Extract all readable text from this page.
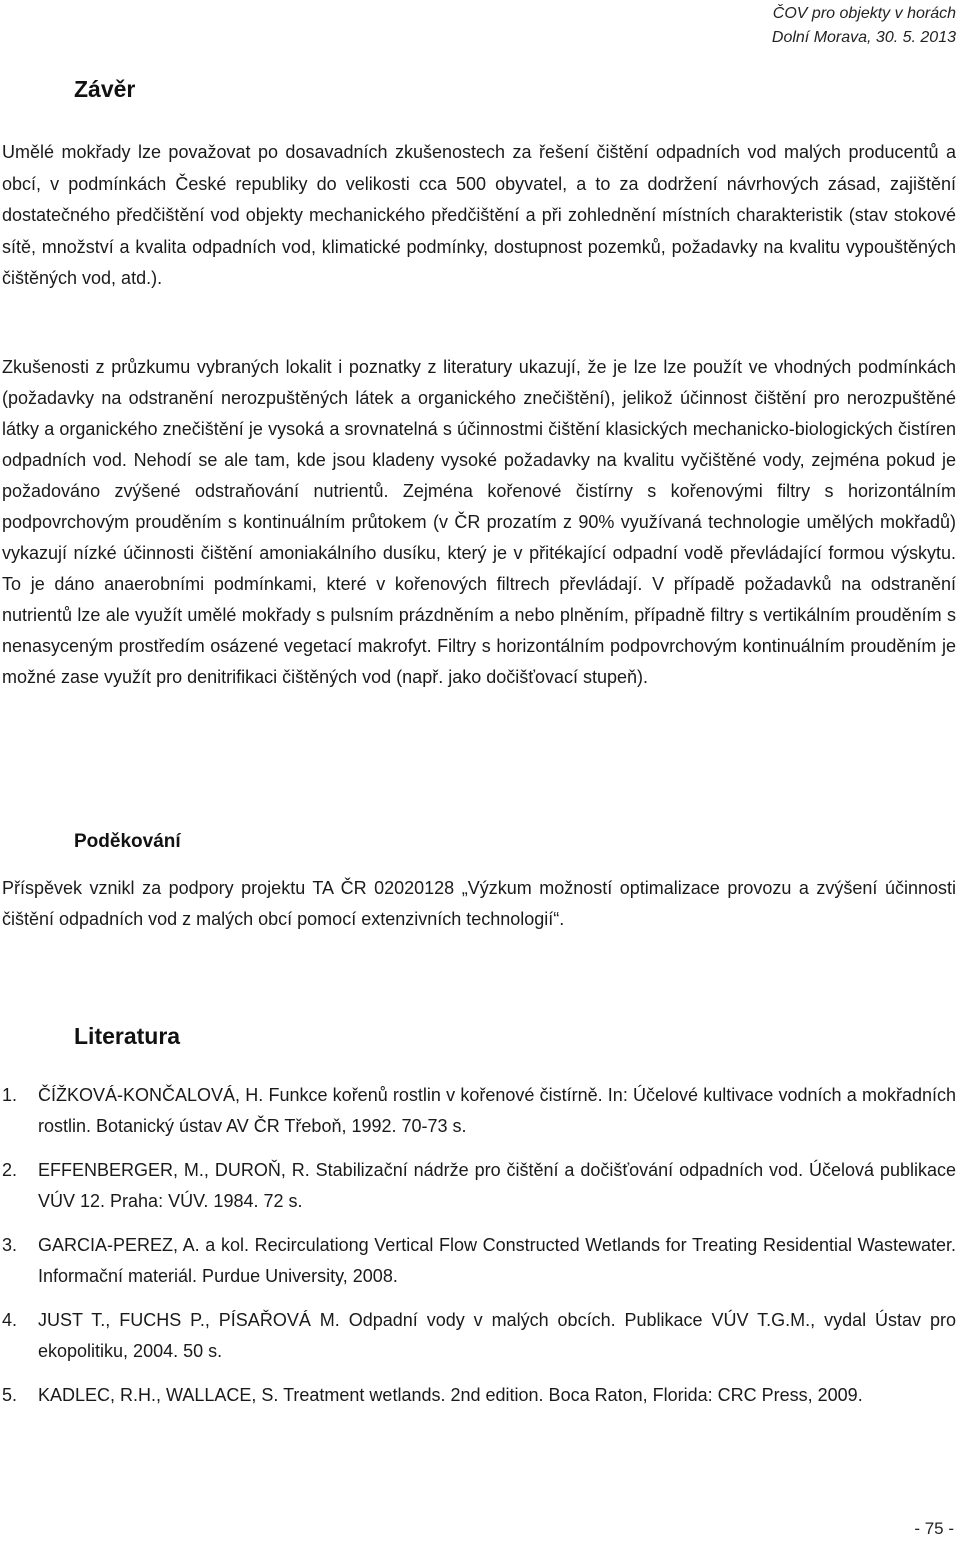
ČOV pro objekty v horách
Dolní Morava, 30. 5. 2013
Závěr

Umělé mokřady lze považovat po dosavadních zkušenostech za řešení čištění odpadních vod malých producentů a obcí, v podmínkách České republiky do velikosti cca 500 obyvatel, a to za dodržení návrhových zásad, zajištění dostatečného předčištění vod objekty mechanického předčištění a při zohlednění místních charakteristik (stav stokové sítě, množství a kvalita odpadních vod, klimatické podmínky, dostupnost pozemků, požadavky na kvalitu vypouštěných čištěných vod, atd.).

Zkušenosti z průzkumu vybraných lokalit i poznatky z literatury ukazují, že je lze lze použít ve vhodných podmínkách (požadavky na odstranění nerozpuštěných látek a organického znečištění), jelikož účinnost čištění pro nerozpuštěné látky a organického znečištění je vysoká a srovnatelná s účinnostmi čištění klasických mechanicko-biologických čistíren odpadních vod. Nehodí se ale tam, kde jsou kladeny vysoké požadavky na kvalitu vyčištěné vody, zejména pokud je požadováno zvýšené odstraňování nutrientů. Zejména kořenové čistírny s kořenovými filtry s horizontálním podpovrchovým prouděním s kontinuálním průtokem (v ČR prozatím z 90% využívaná technologie umělých mokřadů) vykazují nízké účinnosti čištění amoniakálního dusíku, který je v přitékající odpadní vodě převládající formou výskytu. To je dáno anaerobními podmínkami, které v kořenových filtrech převládají. V případě požadavků na odstranění nutrientů lze ale využít umělé mokřady s pulsním prázdněním a nebo plněním, případně filtry s vertikálním prouděním s nenasyceným prostředím osázené vegetací makrofyt. Filtry s horizontálním podpovrchovým kontinuálním prouděním je možné zase využít pro denitrifikaci čištěných vod (např. jako dočišťovací stupeň).

Poděkování

Příspěvek vznikl za podpory projektu TA ČR 02020128 „Výzkum možností optimalizace provozu a zvýšení účinnosti čištění odpadních vod z malých obcí pomocí extenzivních technologií“.

Literatura
1. ČÍŽKOVÁ-KONČALOVÁ, H. Funkce kořenů rostlin v kořenové čistírně. In: Účelové kultivace vodních a mokřadních rostlin. Botanický ústav AV ČR Třeboň, 1992. 70-73 s.
2. EFFENBERGER, M., DUROŇ, R. Stabilizační nádrže pro čištění a dočišťování odpadních vod. Účelová publikace VÚV 12. Praha: VÚV. 1984. 72 s.
3. GARCIA-PEREZ, A. a kol. Recirculationg Vertical Flow Constructed Wetlands for Treating Residential Wastewater. Informační materiál. Purdue University, 2008.
4. JUST T., FUCHS P., PÍSAŘOVÁ M. Odpadní vody v malých obcích. Publikace VÚV T.G.M., vydal Ústav pro ekopolitiku, 2004. 50 s.
5. KADLEC, R.H., WALLACE, S. Treatment wetlands. 2nd edition. Boca Raton, Florida: CRC Press, 2009.
- 75 -
